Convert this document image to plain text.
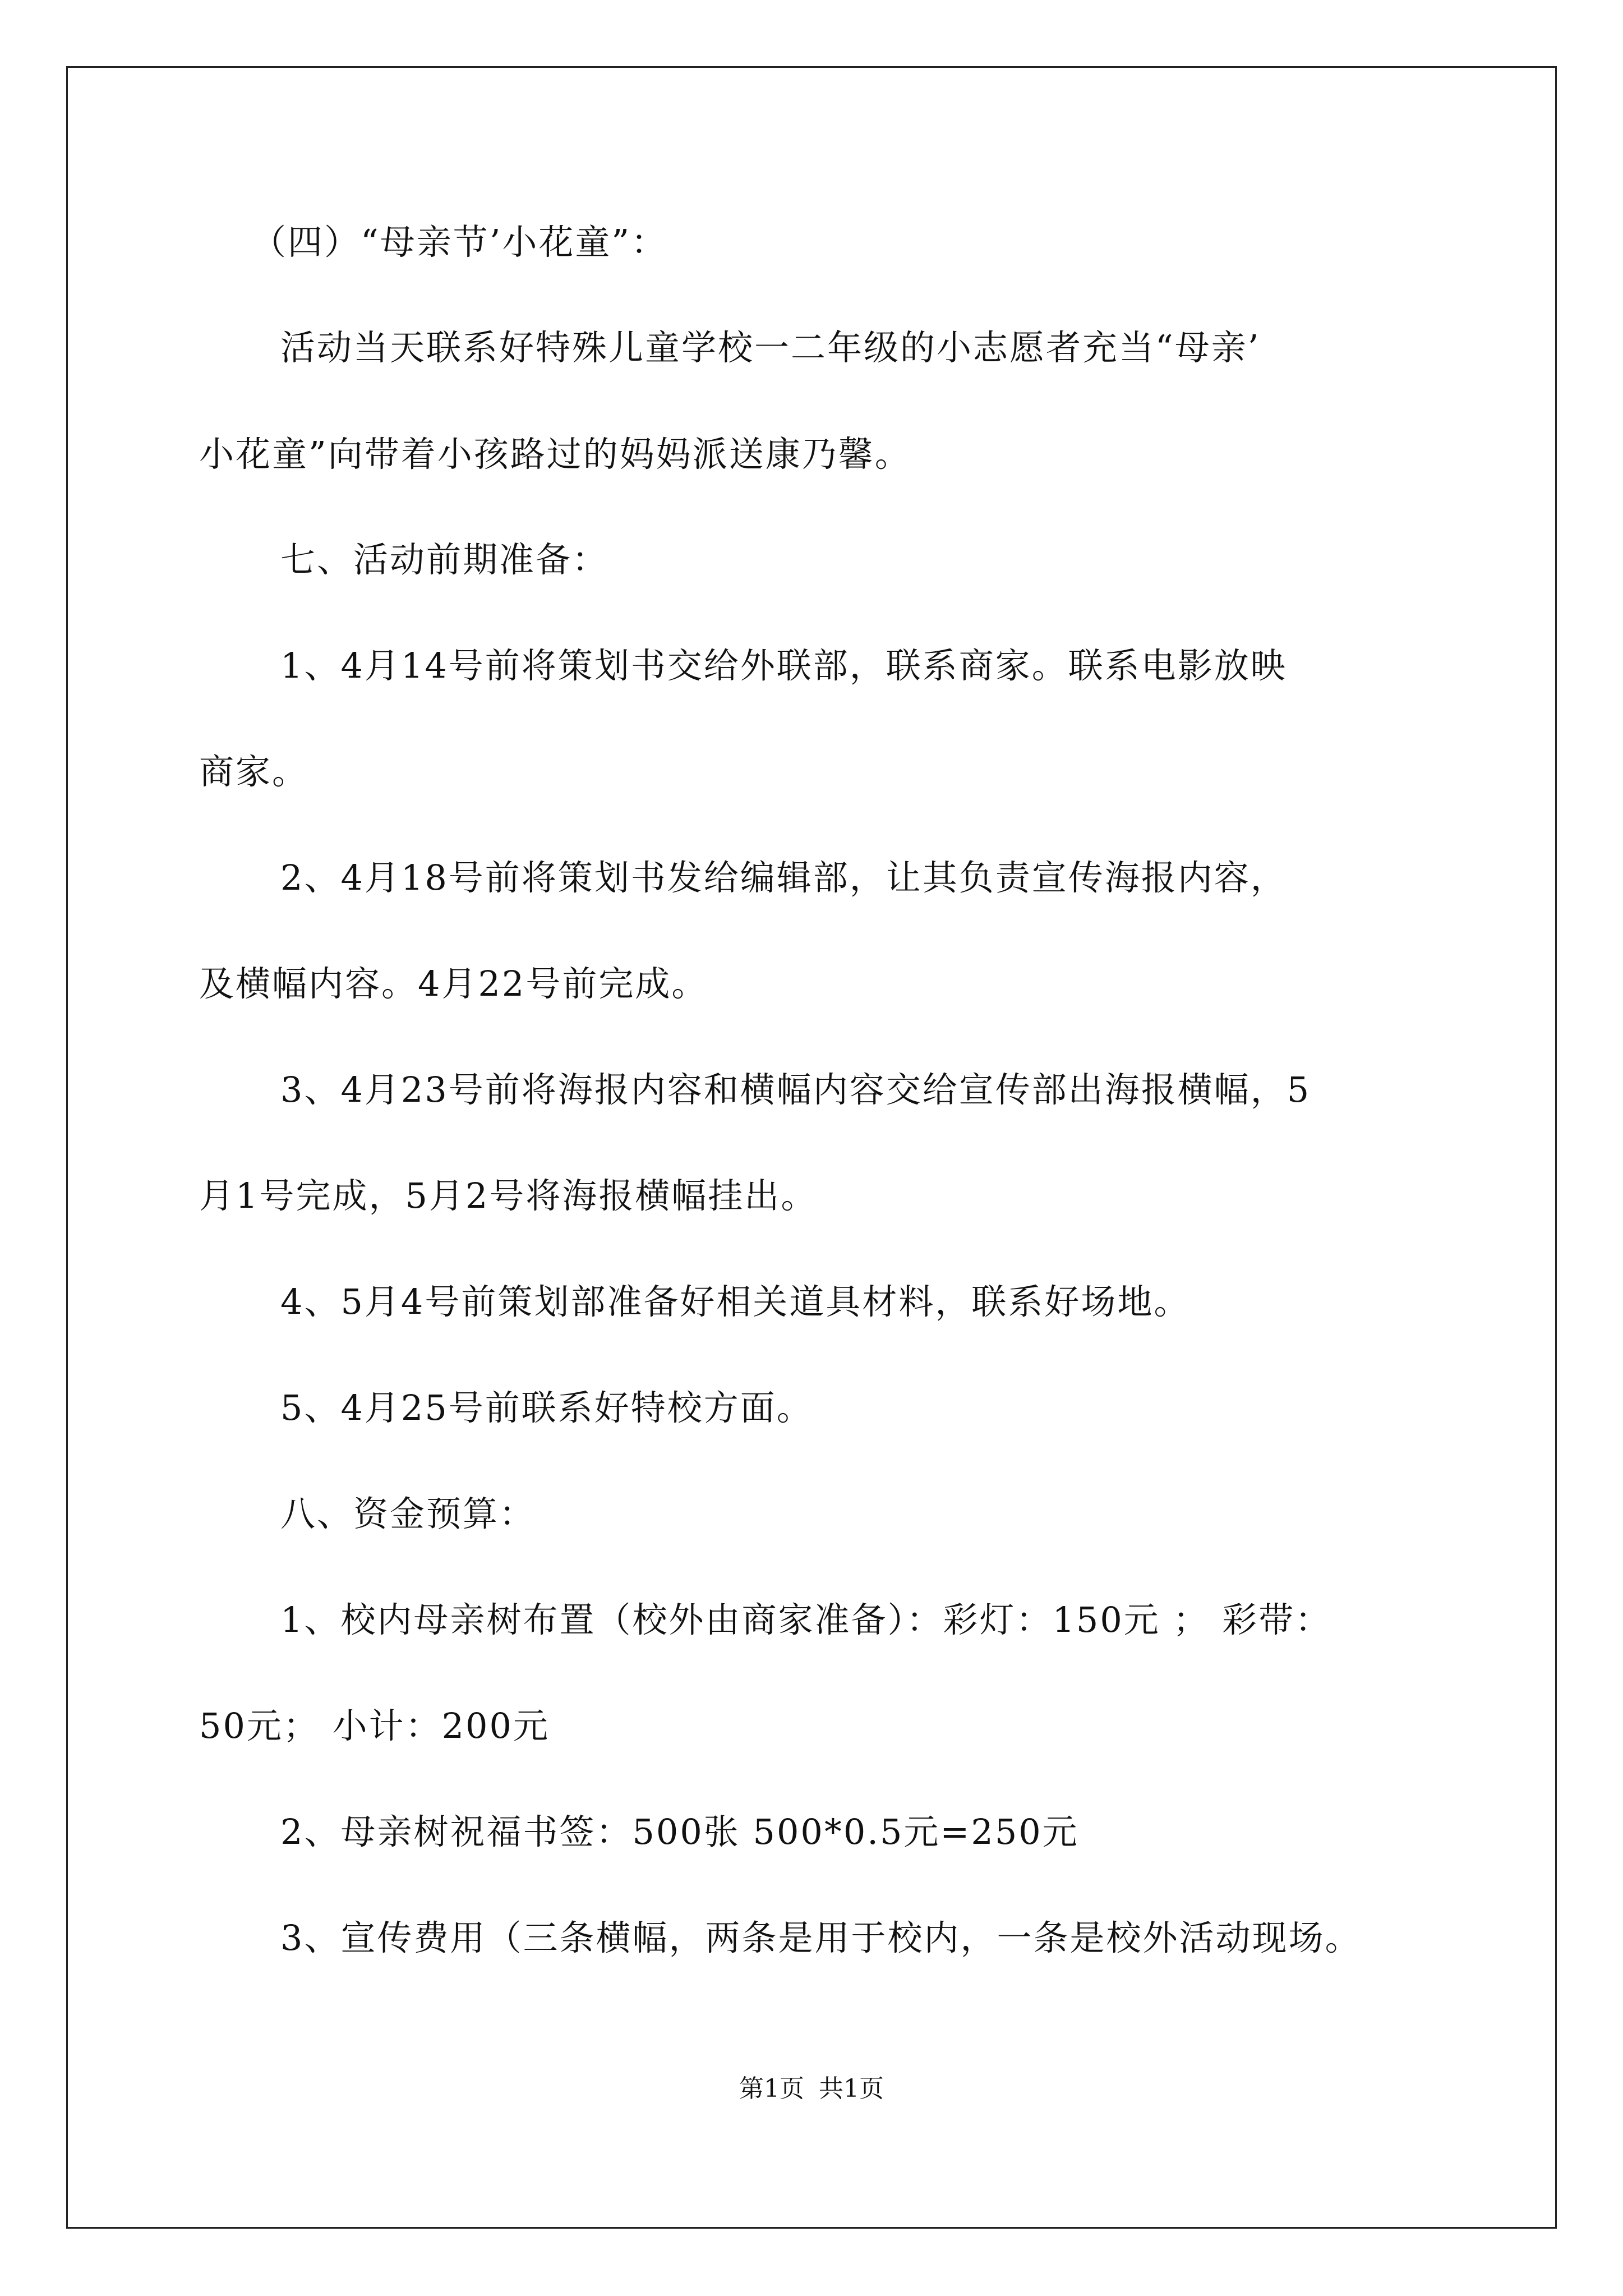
（四）“母亲节’小花童”：
活动当天联系好特殊儿童学校一二年级的小志愿者充当“母亲’
小花童”向带着小孩路过的妈妈派送康乃馨。
七、活动前期准备：
1、4月14号前将策划书交给外联部，联系商家。联系电影放映
商家。
2、4月18号前将策划书发给编辑部，让其负责宣传海报内容，
及横幅内容。4月22号前完成。
3、4月23号前将海报内容和横幅内容交给宣传部出海报横幅，5
月1号完成，5月2号将海报横幅挂出。
4、5月4号前策划部准备好相关道具材料，联系好场地。
5、4月25号前联系好特校方面。
八、资金预算：
1、校内母亲树布置（校外由商家准备）：彩灯：150元 ； 彩带：
50元； 小计：200元
2、母亲树祝福书签：500张 500*0.5元=250元
3、宣传费用（三条横幅，两条是用于校内，一条是校外活动现场。
第1页 共1页
